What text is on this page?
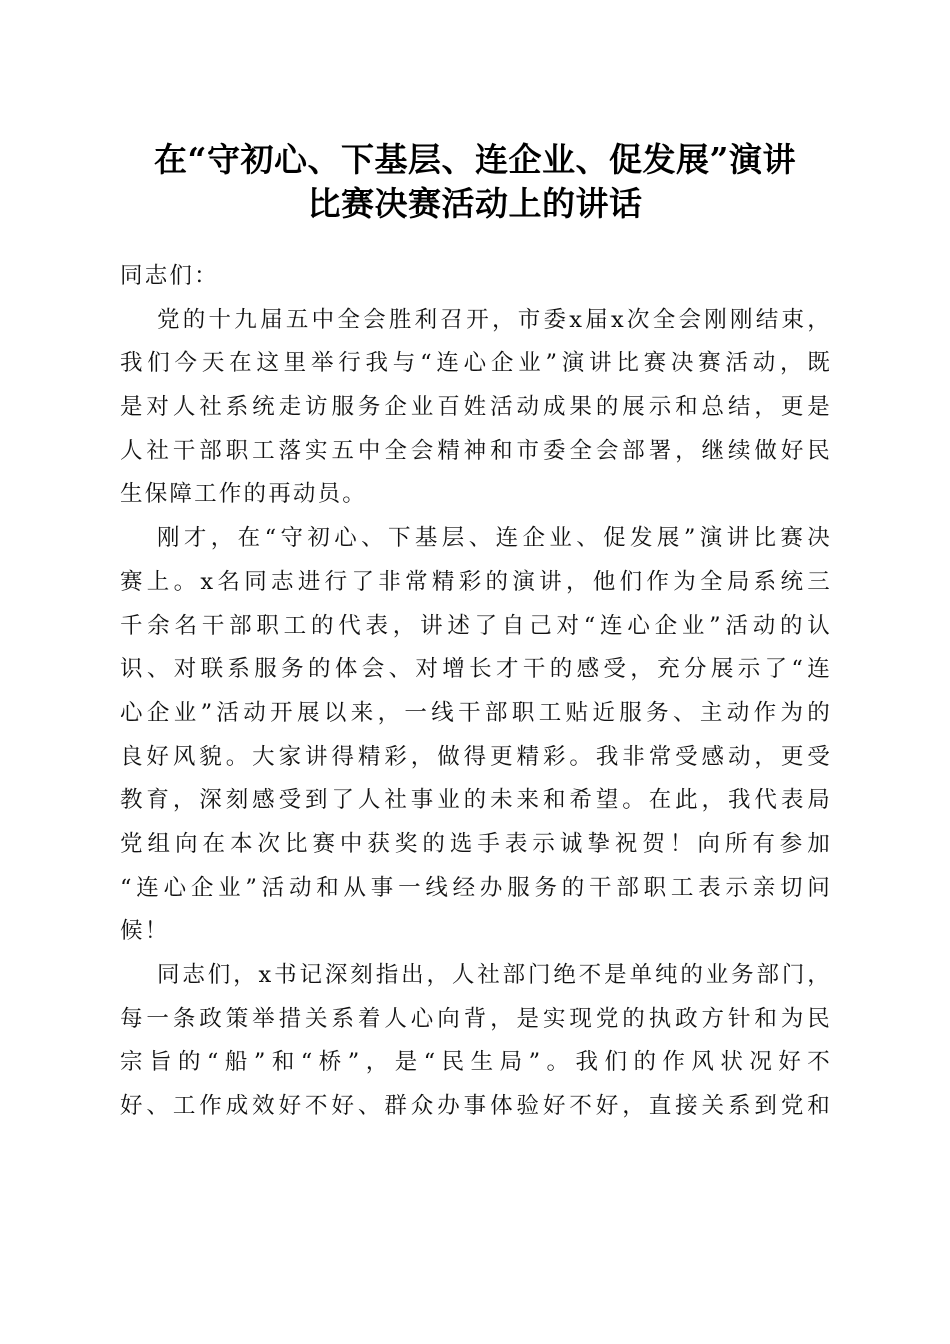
在“守初心、下基层、连企业、促发展”演讲
比赛决赛活动上的讲话
同志们：
党的十九届五中全会胜利召开，市委x届x次全会刚刚结束，
我们今天在这里举行我与“连心企业”演讲比赛决赛活动，既
是对人社系统走访服务企业百姓活动成果的展示和总结，更是
人社干部职工落实五中全会精神和市委全会部署，继续做好民
生保障工作的再动员。
刚才，在“守初心、下基层、连企业、促发展”演讲比赛决
赛上。x名同志进行了非常精彩的演讲，他们作为全局系统三
千余名干部职工的代表，讲述了自己对“连心企业”活动的认
识、对联系服务的体会、对增长才干的感受，充分展示了“连
心企业”活动开展以来，一线干部职工贴近服务、主动作为的
良好风貌。大家讲得精彩，做得更精彩。我非常受感动，更受
教育，深刻感受到了人社事业的未来和希望。在此，我代表局
党组向在本次比赛中获奖的选手表示诚挚祝贺！向所有参加
“连心企业”活动和从事一线经办服务的干部职工表示亲切问
候！
同志们，x书记深刻指出，人社部门绝不是单纯的业务部门，
每一条政策举措关系着人心向背，是实现党的执政方针和为民
宗旨的“船”和“桥”，是“民生局”。我们的作风状况好不
好、工作成效好不好、群众办事体验好不好，直接关系到党和
